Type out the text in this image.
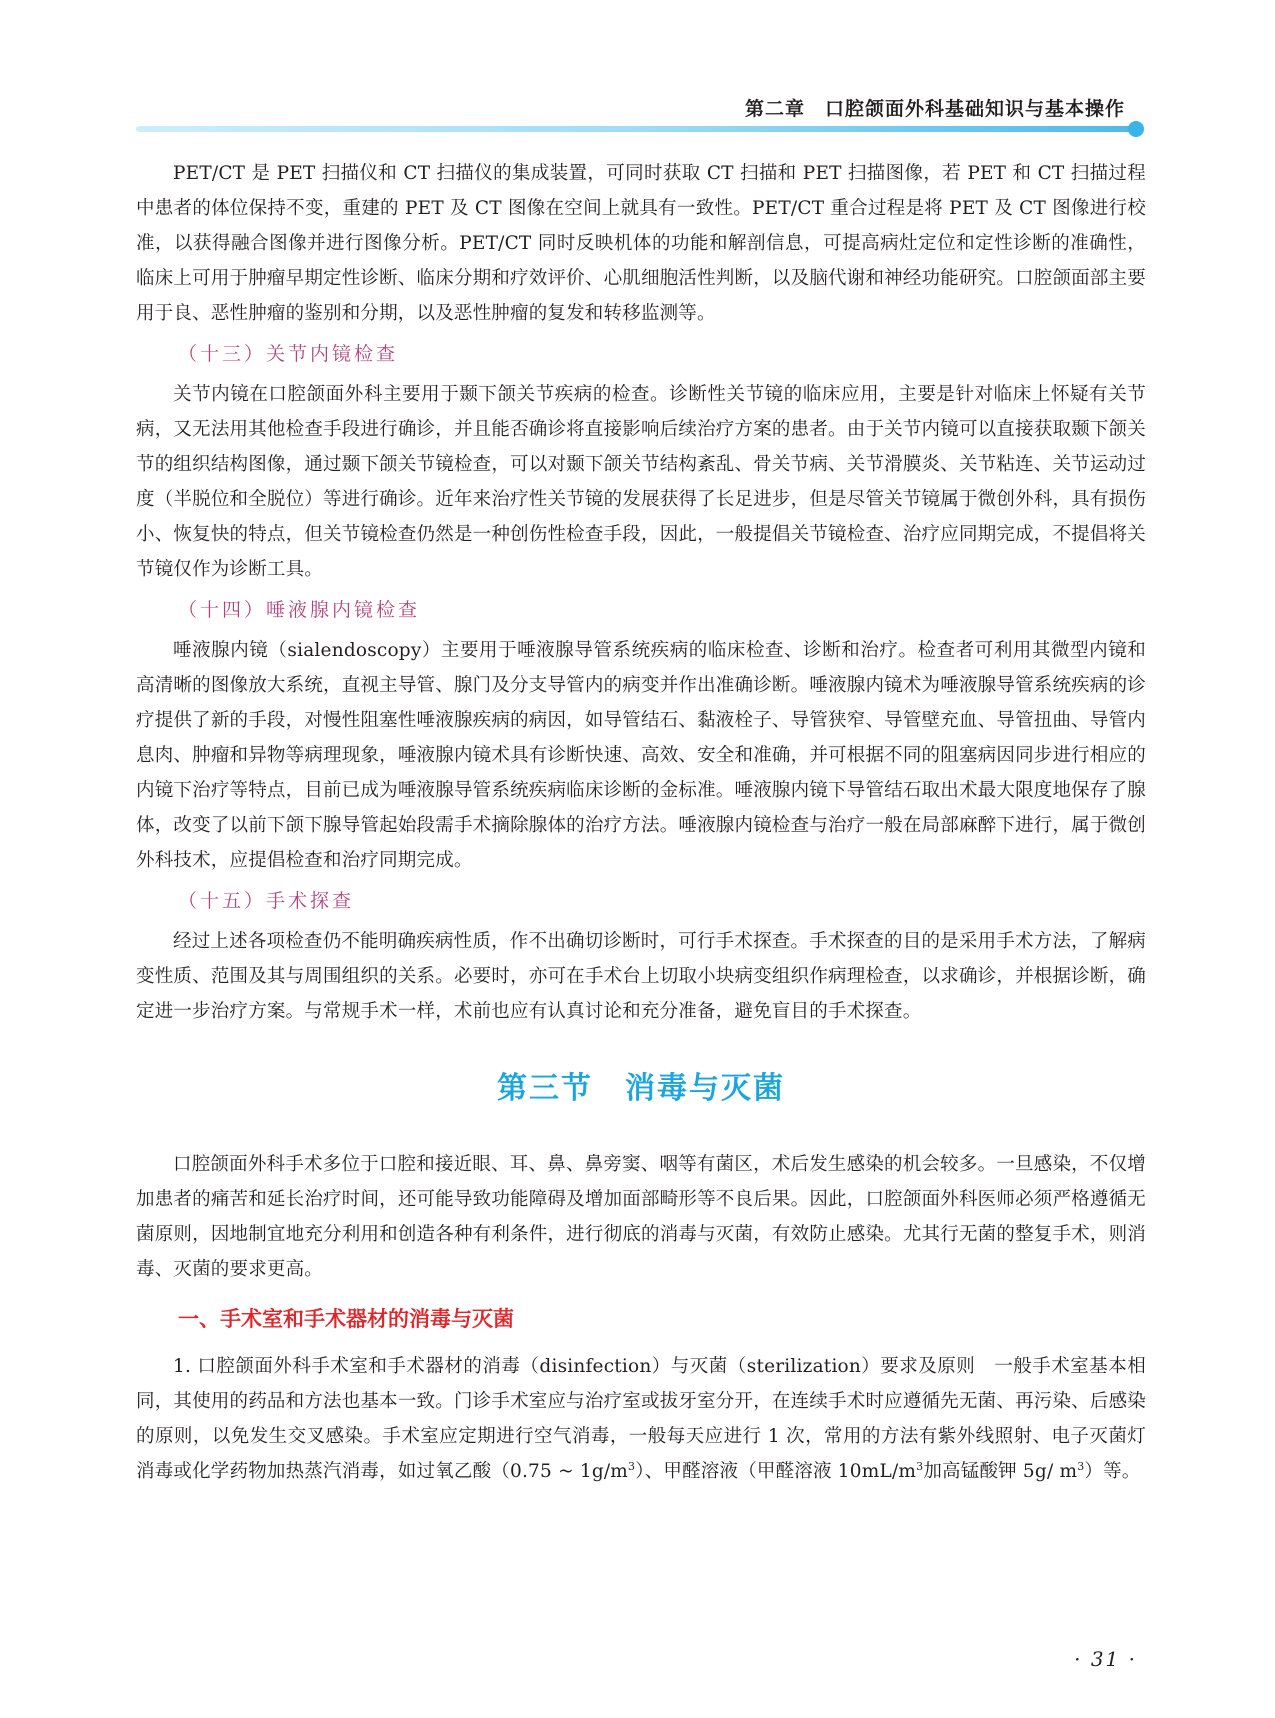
第二章　口腔颌面外科基础知识与基本操作

PET/CT 是 PET 扫描仪和 CT 扫描仪的集成装置，可同时获取 CT 扫描和 PET 扫描图像，若 PET 和 CT 扫描过程中患者的体位保持不变，重建的 PET 及 CT 图像在空间上就具有一致性。PET/CT 重合过程是将 PET 及 CT 图像进行校准，以获得融合图像并进行图像分析。PET/CT 同时反映机体的功能和解剖信息，可提高病灶定位和定性诊断的准确性，临床上可用于肿瘤早期定性诊断、临床分期和疗效评价、心肌细胞活性判断，以及脑代谢和神经功能研究。口腔颌面部主要用于良、恶性肿瘤的鉴别和分期，以及恶性肿瘤的复发和转移监测等。

（十三）关节内镜检查

关节内镜在口腔颌面外科主要用于颞下颌关节疾病的检查。诊断性关节镜的临床应用，主要是针对临床上怀疑有关节病，又无法用其他检查手段进行确诊，并且能否确诊将直接影响后续治疗方案的患者。由于关节内镜可以直接获取颞下颌关节的组织结构图像，通过颞下颌关节镜检查，可以对颞下颌关节结构紊乱、骨关节病、关节滑膜炎、关节粘连、关节运动过度（半脱位和全脱位）等进行确诊。近年来治疗性关节镜的发展获得了长足进步，但是尽管关节镜属于微创外科，具有损伤小、恢复快的特点，但关节镜检查仍然是一种创伤性检查手段，因此，一般提倡关节镜检查、治疗应同期完成，不提倡将关节镜仅作为诊断工具。

（十四）唾液腺内镜检查

唾液腺内镜（sialendoscopy）主要用于唾液腺导管系统疾病的临床检查、诊断和治疗。检查者可利用其微型内镜和高清晰的图像放大系统，直视主导管、腺门及分支导管内的病变并作出准确诊断。唾液腺内镜术为唾液腺导管系统疾病的诊疗提供了新的手段，对慢性阻塞性唾液腺疾病的病因，如导管结石、黏液栓子、导管狭窄、导管壁充血、导管扭曲、导管内息肉、肿瘤和异物等病理现象，唾液腺内镜术具有诊断快速、高效、安全和准确，并可根据不同的阻塞病因同步进行相应的内镜下治疗等特点，目前已成为唾液腺导管系统疾病临床诊断的金标准。唾液腺内镜下导管结石取出术最大限度地保存了腺体，改变了以前下颌下腺导管起始段需手术摘除腺体的治疗方法。唾液腺内镜检查与治疗一般在局部麻醉下进行，属于微创外科技术，应提倡检查和治疗同期完成。

（十五）手术探查

经过上述各项检查仍不能明确疾病性质，作不出确切诊断时，可行手术探查。手术探查的目的是采用手术方法，了解病变性质、范围及其与周围组织的关系。必要时，亦可在手术台上切取小块病变组织作病理检查，以求确诊，并根据诊断，确定进一步治疗方案。与常规手术一样，术前也应有认真讨论和充分准备，避免盲目的手术探查。

第三节　消毒与灭菌

口腔颌面外科手术多位于口腔和接近眼、耳、鼻、鼻旁窦、咽等有菌区，术后发生感染的机会较多。一旦感染，不仅增加患者的痛苦和延长治疗时间，还可能导致功能障碍及增加面部畸形等不良后果。因此，口腔颌面外科医师必须严格遵循无菌原则，因地制宜地充分利用和创造各种有利条件，进行彻底的消毒与灭菌，有效防止感染。尤其行无菌的整复手术，则消毒、灭菌的要求更高。

一、手术室和手术器材的消毒与灭菌

1. 口腔颌面外科手术室和手术器材的消毒（disinfection）与灭菌（sterilization）要求及原则　一般手术室基本相同，其使用的药品和方法也基本一致。门诊手术室应与治疗室或拔牙室分开，在连续手术时应遵循先无菌、再污染、后感染的原则，以免发生交叉感染。手术室应定期进行空气消毒，一般每天应进行 1 次，常用的方法有紫外线照射、电子灭菌灯消毒或化学药物加热蒸汽消毒，如过氧乙酸（0.75 ~ $1g/m^3$）、甲醛溶液（甲醛溶液 $10mL/m^3$加高锰酸钾 5g/ $m^3$）等。

· 31 ·
